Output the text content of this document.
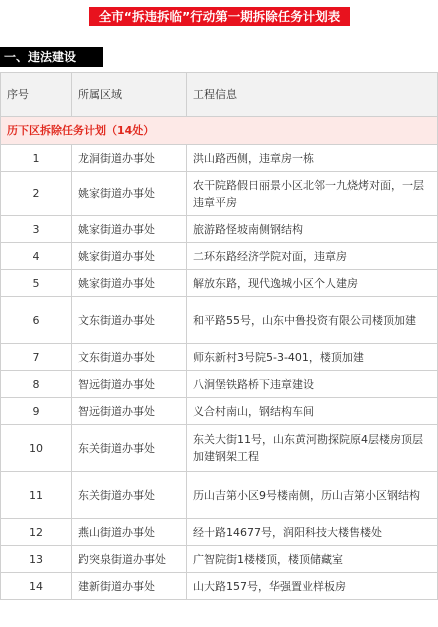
全市“拆违拆临”行动第一期拆除任务计划表
一、违法建设
序号	所属区域	工程信息
历下区拆除任务计划（14处）		
1	龙洞街道办事处	洪山路西侧，违章房一栋
2	姚家街道办事处	农干院路假日丽景小区北邻一九烧烤对面，一层违章平房
3	姚家街道办事处	旅游路怪坡南侧钢结构
4	姚家街道办事处	二环东路经济学院对面，违章房
5	姚家街道办事处	解放东路，现代逸城小区个人建房
6	文东街道办事处	和平路55号，山东中鲁投资有限公司楼顶加建
7	文东街道办事处	师东新村3号院5-3-401，楼顶加建
8	智远街道办事处	八涧堡铁路桥下违章建设
9	智远街道办事处	义合村南山，钢结构车间
10	东关街道办事处	东关大街11号，山东黄河勘探院原4层楼房顶层加建钢架工程
11	东关街道办事处	历山吉第小区9号楼南侧，历山吉第小区钢结构
12	燕山街道办事处	经十路14677号，润阳科技大楼售楼处
13	趵突泉街道办事处	广智院街1楼楼顶，楼顶储藏室
14	建新街道办事处	山大路157号，华强置业样板房
